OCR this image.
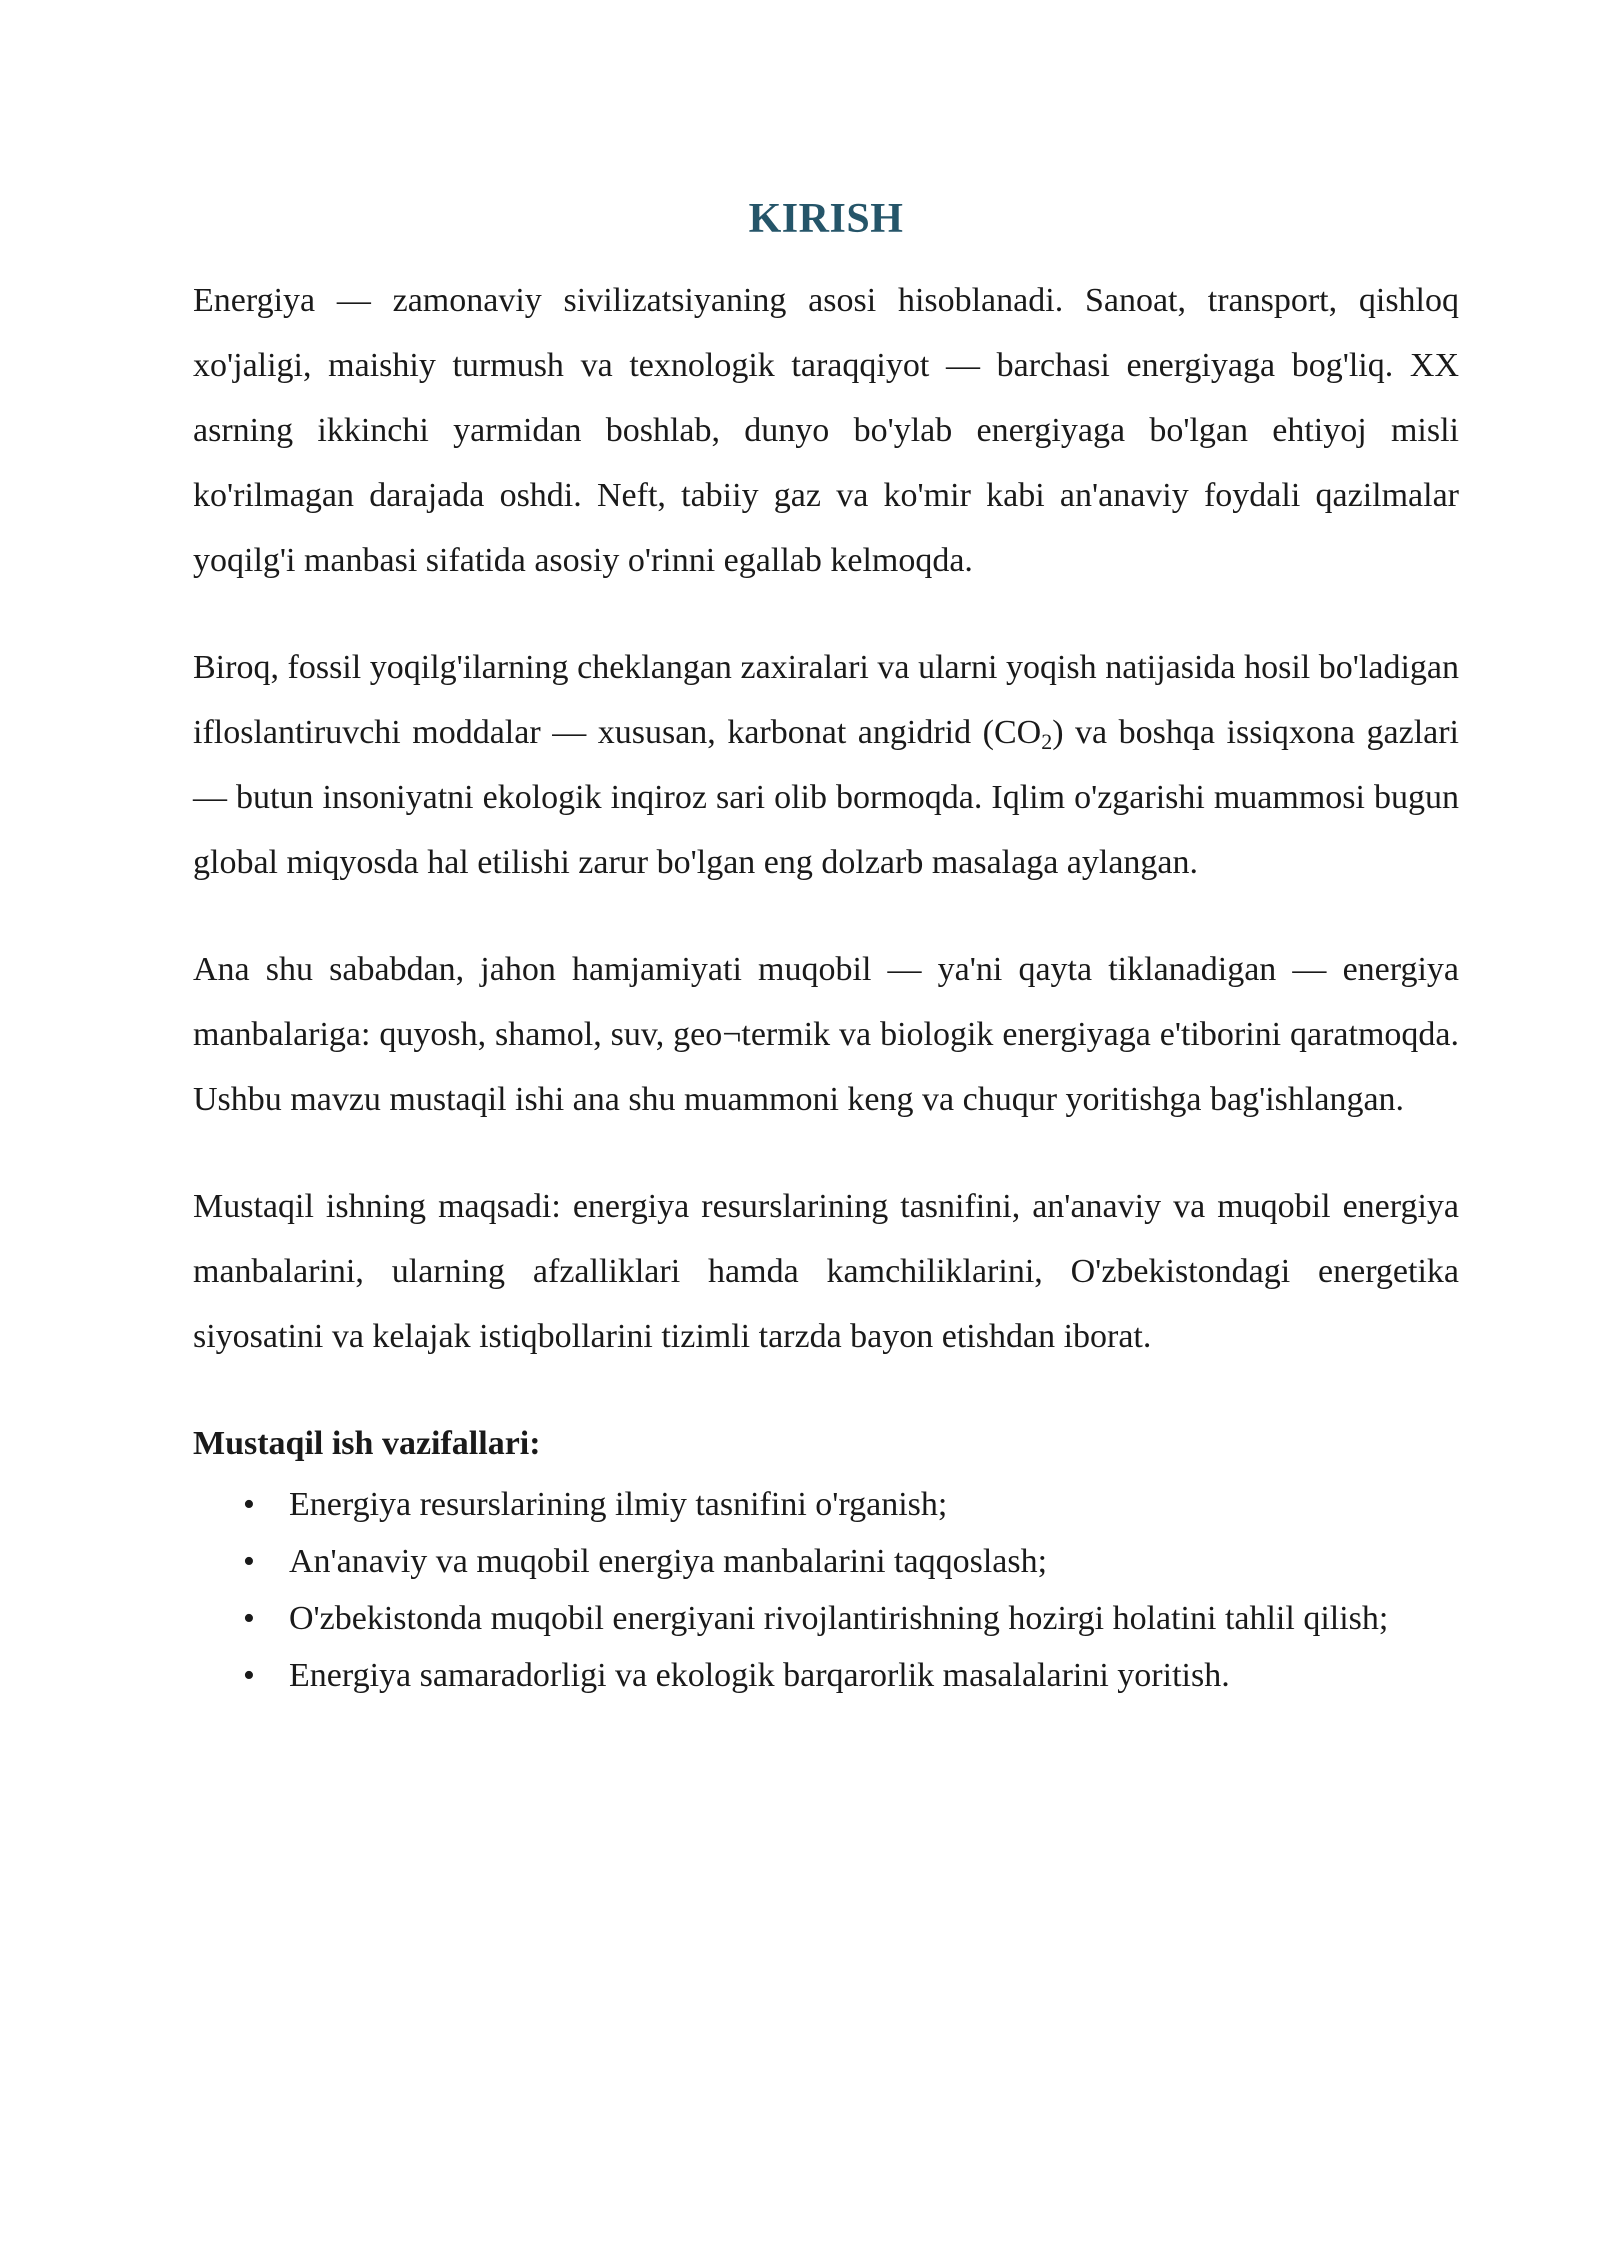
KIRISH

Energiya — zamonaviy sivilizatsiyaning asosi hisoblanadi. Sanoat, transport, qishloq xo'jaligi, maishiy turmush va texnologik taraqqiyot — barchasi energiyaga bog'liq. XX asrning ikkinchi yarmidan boshlab, dunyo bo'ylab energiyaga bo'lgan ehtiyoj misli ko'rilmagan darajada oshdi. Neft, tabiiy gaz va ko'mir kabi an'anaviy foydali qazilmalar yoqilg'i manbasi sifatida asosiy o'rinni egallab kelmoqda.

Biroq, fossil yoqilg'ilarning cheklangan zaxiralari va ularni yoqish natijasida hosil bo'ladigan ifloslantiruvchi moddalar — xususan, karbonat angidrid $(CO_2)$ va boshqa issiqxona gazlari — butun insoniyatni ekologik inqiroz sari olib bormoqda. Iqlim o'zgarishi muammosi bugun global miqyosda hal etilishi zarur bo'lgan eng dolzarb masalaga aylangan.

Ana shu sababdan, jahon hamjamiyati muqobil — ya'ni qayta tiklanadigan — energiya manbalariga: quyosh, shamol, suv, geo¬termik va biologik energiyaga e'tiborini qaratmoqda. Ushbu mavzu mustaqil ishi ana shu muammoni keng va chuqur yoritishga bag'ishlangan.

Mustaqil ishning maqsadi: energiya resurslarining tasnifini, an'anaviy va muqobil energiya manbalarini, ularning afzalliklari hamda kamchiliklarini, O'zbekistondagi energetika siyosatini va kelajak istiqbollarini tizimli tarzda bayon etishdan iborat.

Mustaqil ish vazifallari:

• Energiya resurslarining ilmiy tasnifini o'rganish;
• An'anaviy va muqobil energiya manbalarini taqqoslash;
• O'zbekistonda muqobil energiyani rivojlantirishning hozirgi holatini tahlil qilish;
• Energiya samaradorligi va ekologik barqarorlik masalalarini yoritish.
